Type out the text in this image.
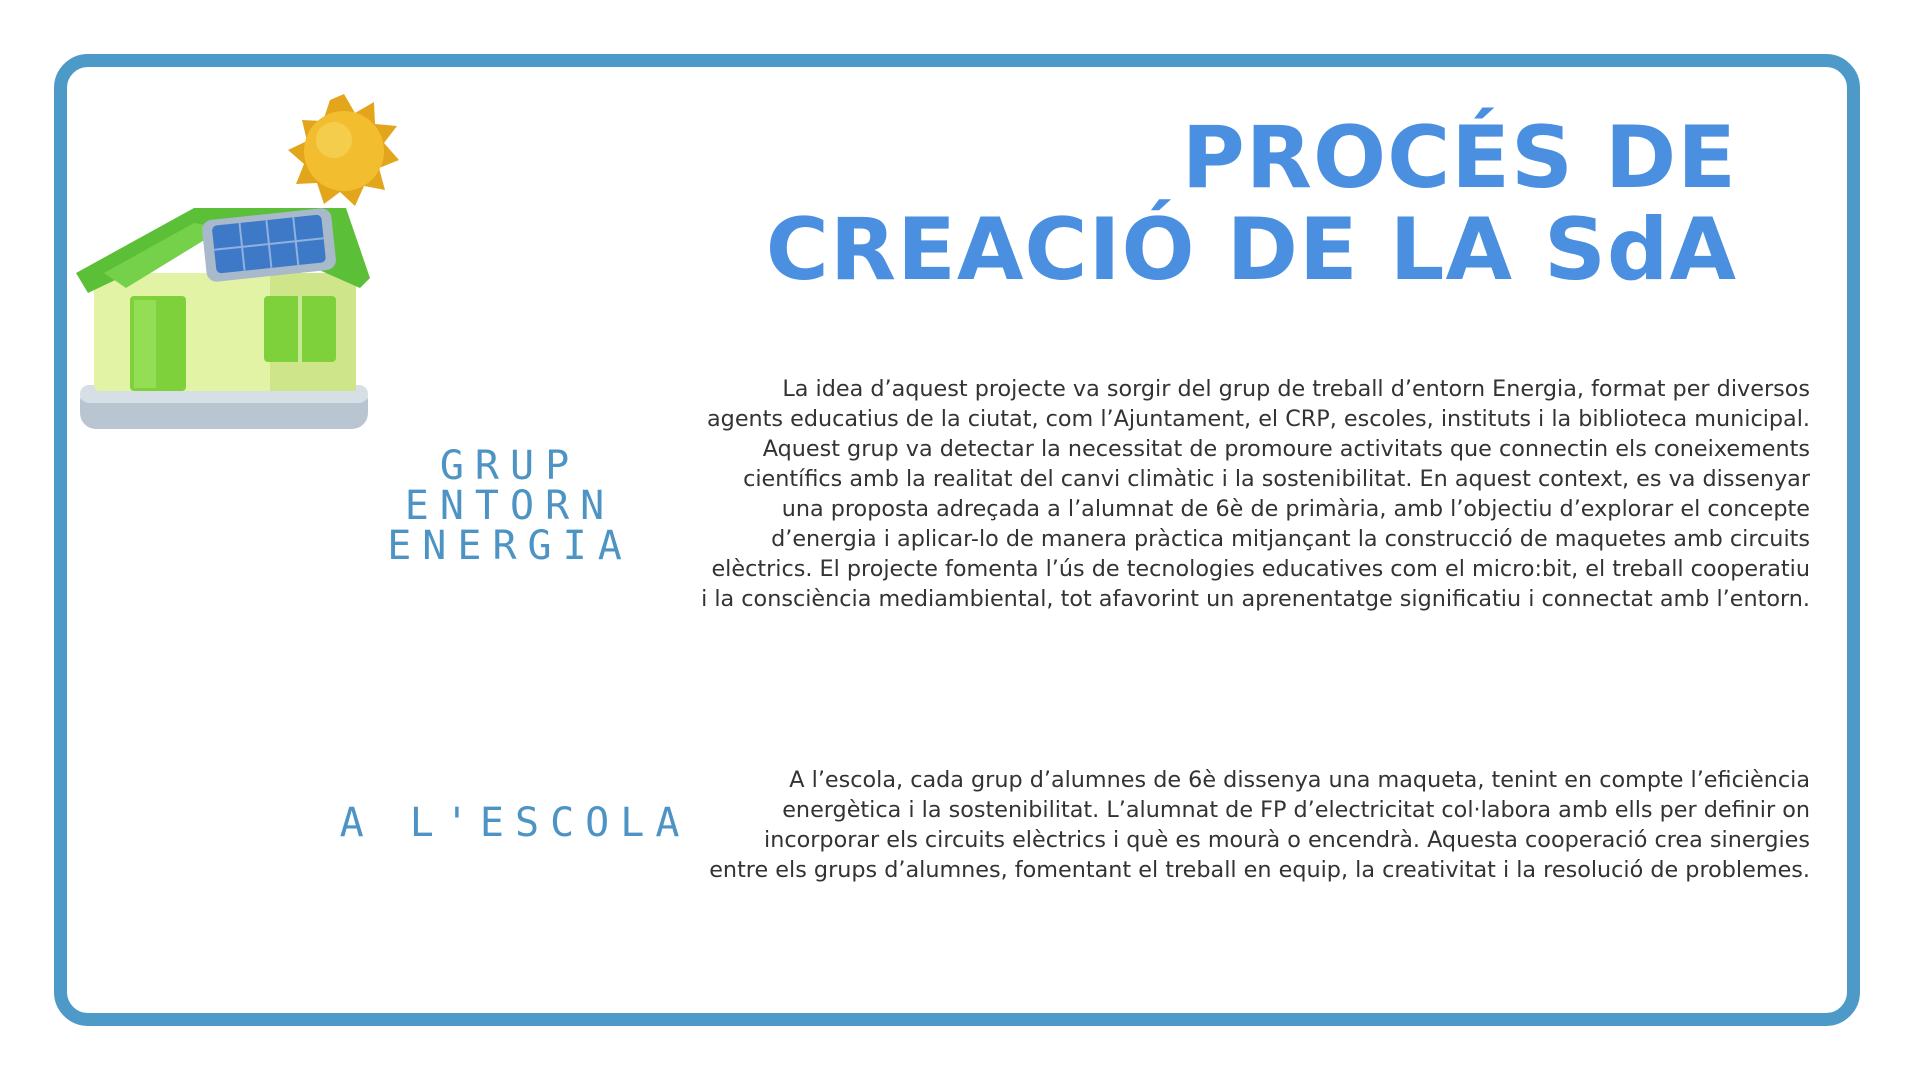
PROCÉS DE
CREACIÓ DE LA SdA
GRUP
ENTORN
ENERGIA

La idea d’aquest projecte va sorgir del grup de treball d’entorn Energia, format per diversos agents educatius de la ciutat, com l’Ajuntament, el CRP, escoles, instituts i la biblioteca municipal. Aquest grup va detectar la necessitat de promoure activitats que connectin els coneixements científics amb la realitat del canvi climàtic i la sostenibilitat. En aquest context, es va dissenyar una proposta adreçada a l’alumnat de 6è de primària, amb l’objectiu d’explorar el concepte d’energia i aplicar-lo de manera pràctica mitjançant la construcció de maquetes amb circuits elèctrics. El projecte fomenta l’ús de tecnologies educatives com el micro:bit, el treball cooperatiu i la consciència mediambiental, tot afavorint un aprenentatge significatiu i connectat amb l’entorn.

A L'ESCOLA

A l’escola, cada grup d’alumnes de 6è dissenya una maqueta, tenint en compte l’eficiència energètica i la sostenibilitat. L’alumnat de FP d’electricitat col·labora amb ells per definir on incorporar els circuits elèctrics i què es mourà o encendrà. Aquesta cooperació crea sinergies entre els grups d’alumnes, fomentant el treball en equip, la creativitat i la resolució de problemes.
